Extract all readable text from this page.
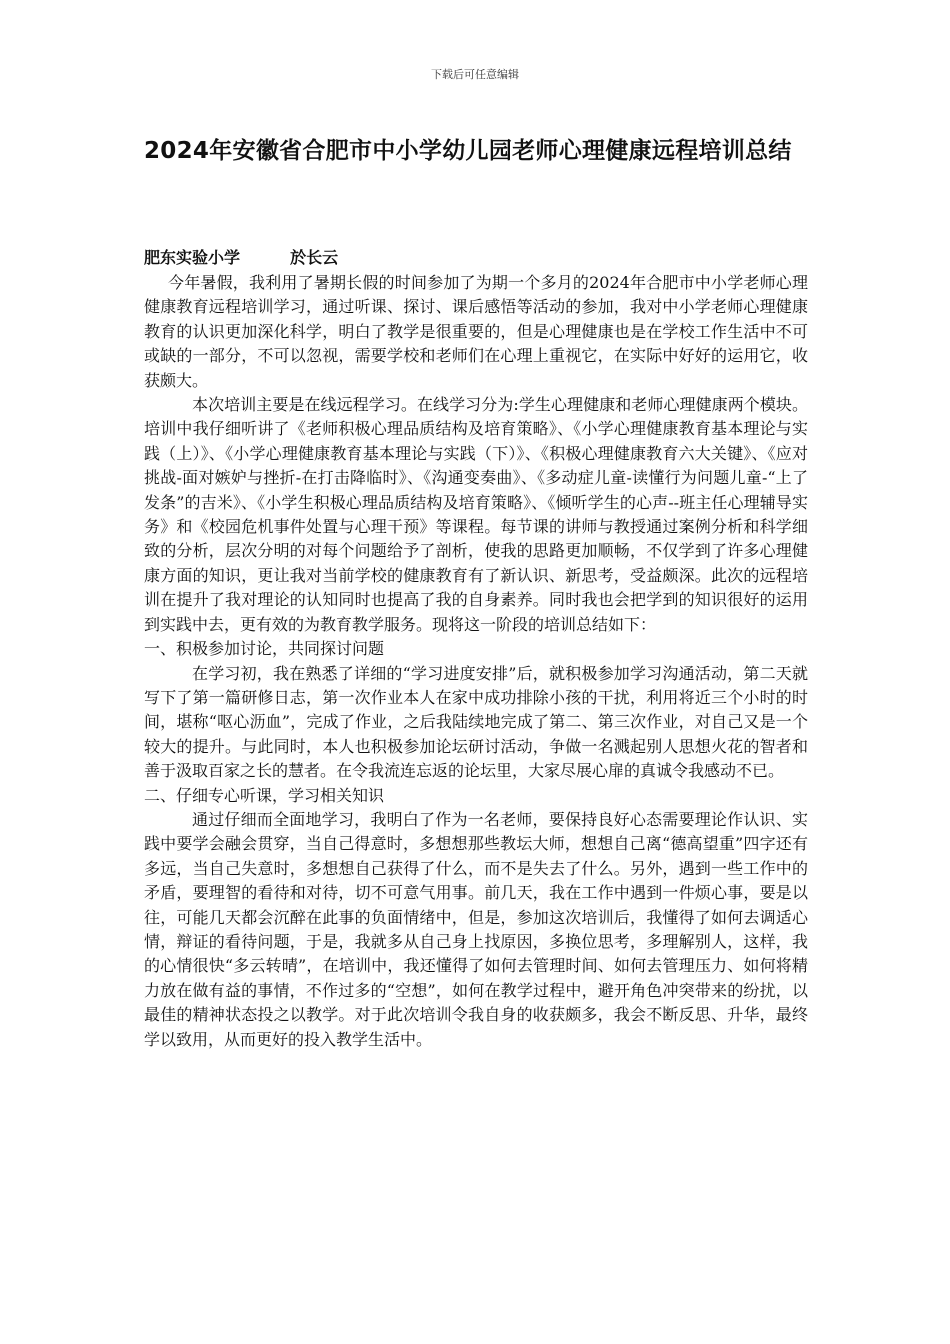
下载后可任意编辑
2024年安徽省合肥市中小学幼儿园老师心理健康远程培训总结
肥东实验小学	於长云

今年暑假，我利用了暑期长假的时间参加了为期一个多月的2024年合肥市中小学老师心理健康教育远程培训学习，通过听课、探讨、课后感悟等活动的参加，我对中小学老师心理健康教育的认识更加深化科学，明白了教学是很重要的，但是心理健康也是在学校工作生活中不可或缺的一部分，不可以忽视，需要学校和老师们在心理上重视它，在实际中好好的运用它，收获颇大。

本次培训主要是在线远程学习。在线学习分为:学生心理健康和老师心理健康两个模块。培训中我仔细听讲了《老师积极心理品质结构及培育策略》、《小学心理健康教育基本理论与实践（上）》、《小学心理健康教育基本理论与实践（下）》、《积极心理健康教育六大关键》、《应对挑战-面对嫉妒与挫折-在打击降临时》、《沟通变奏曲》、《多动症儿童-读懂行为问题儿童-“上了发条”的吉米》、《小学生积极心理品质结构及培育策略》、《倾听学生的心声--班主任心理辅导实务》和《校园危机事件处置与心理干预》等课程。每节课的讲师与教授通过案例分析和科学细致的分析，层次分明的对每个问题给予了剖析，使我的思路更加顺畅，不仅学到了许多心理健康方面的知识，更让我对当前学校的健康教育有了新认识、新思考，受益颇深。此次的远程培训在提升了我对理论的认知同时也提高了我的自身素养。同时我也会把学到的知识很好的运用到实践中去，更有效的为教育教学服务。现将这一阶段的培训总结如下：

一、积极参加讨论，共同探讨问题

在学习初，我在熟悉了详细的“学习进度安排”后，就积极参加学习沟通活动，第二天就写下了第一篇研修日志，第一次作业本人在家中成功排除小孩的干扰，利用将近三个小时的时间，堪称“呕心沥血”，完成了作业，之后我陆续地完成了第二、第三次作业，对自己又是一个较大的提升。与此同时，本人也积极参加论坛研讨活动，争做一名溅起别人思想火花的智者和善于汲取百家之长的慧者。在令我流连忘返的论坛里，大家尽展心扉的真诚令我感动不已。

二、仔细专心听课，学习相关知识

通过仔细而全面地学习，我明白了作为一名老师，要保持良好心态需要理论作认识、实践中要学会融会贯穿，当自己得意时，多想想那些教坛大师，想想自己离“德高望重”四字还有多远，当自己失意时，多想想自己获得了什么，而不是失去了什么。另外，遇到一些工作中的矛盾，要理智的看待和对待，切不可意气用事。前几天，我在工作中遇到一件烦心事，要是以往，可能几天都会沉醉在此事的负面情绪中，但是，参加这次培训后，我懂得了如何去调适心情，辩证的看待问题，于是，我就多从自己身上找原因，多换位思考，多理解别人，这样，我的心情很快“多云转晴”，在培训中，我还懂得了如何去管理时间、如何去管理压力、如何将精力放在做有益的事情，不作过多的“空想”，如何在教学过程中，避开角色冲突带来的纷扰，以最佳的精神状态投之以教学。对于此次培训令我自身的收获颇多，我会不断反思、升华，最终学以致用，从而更好的投入教学生活中。
